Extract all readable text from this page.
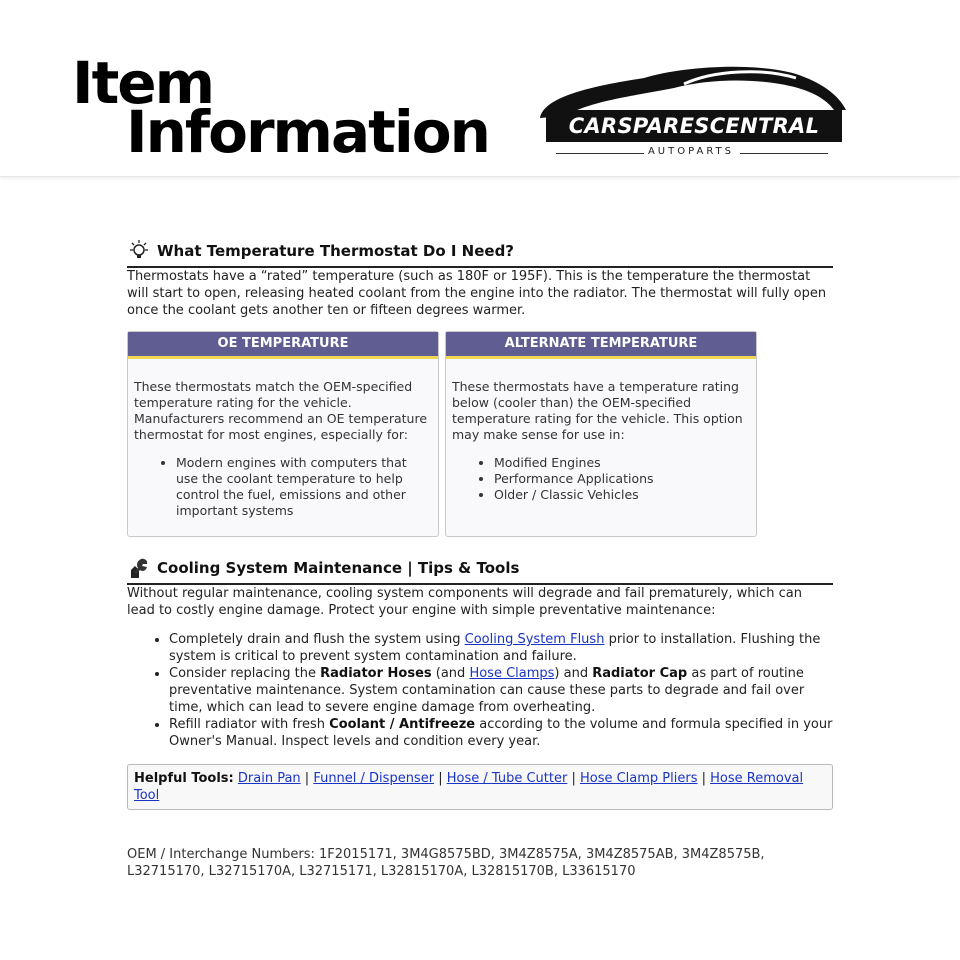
Item
Information	CARSPARESCENTRAL
AUTOPARTS
What Temperature Thermostat Do I Need?

Thermostats have a “rated” temperature (such as 180F or 195F). This is the temperature the thermostat will start to open, releasing heated coolant from the engine into the radiator. The thermostat will fully open once the coolant gets another ten or fifteen degrees warmer.

OE TEMPERATURE
These thermostats match the OEM-specified temperature rating for the vehicle. Manufacturers recommend an OE temperature thermostat for most engines, especially for:
• Modern engines with computers that use the coolant temperature to help control the fuel, emissions and other important systems
ALTERNATE TEMPERATURE
These thermostats have a temperature rating below (cooler than) the OEM-specified temperature rating for the vehicle. This option may make sense for use in:
• Modified Engines
• Performance Applications
• Older / Classic Vehicles
Cooling System Maintenance | Tips & Tools

Without regular maintenance, cooling system components will degrade and fail prematurely, which can lead to costly engine damage. Protect your engine with simple preventative maintenance:

• Completely drain and flush the system using Cooling System Flush prior to installation. Flushing the system is critical to prevent system contamination and failure.
• Consider replacing the Radiator Hoses (and Hose Clamps) and Radiator Cap as part of routine preventative maintenance. System contamination can cause these parts to degrade and fail over time, which can lead to severe engine damage from overheating.
• Refill radiator with fresh Coolant / Antifreeze according to the volume and formula specified in your Owner's Manual. Inspect levels and condition every year.
Helpful Tools: Drain Pan | Funnel / Dispenser | Hose / Tube Cutter | Hose Clamp Pliers | Hose Removal Tool

OEM / Interchange Numbers: 1F2015171, 3M4G8575BD, 3M4Z8575A, 3M4Z8575AB, 3M4Z8575B, L32715170, L32715170A, L32715171, L32815170A, L32815170B, L33615170
